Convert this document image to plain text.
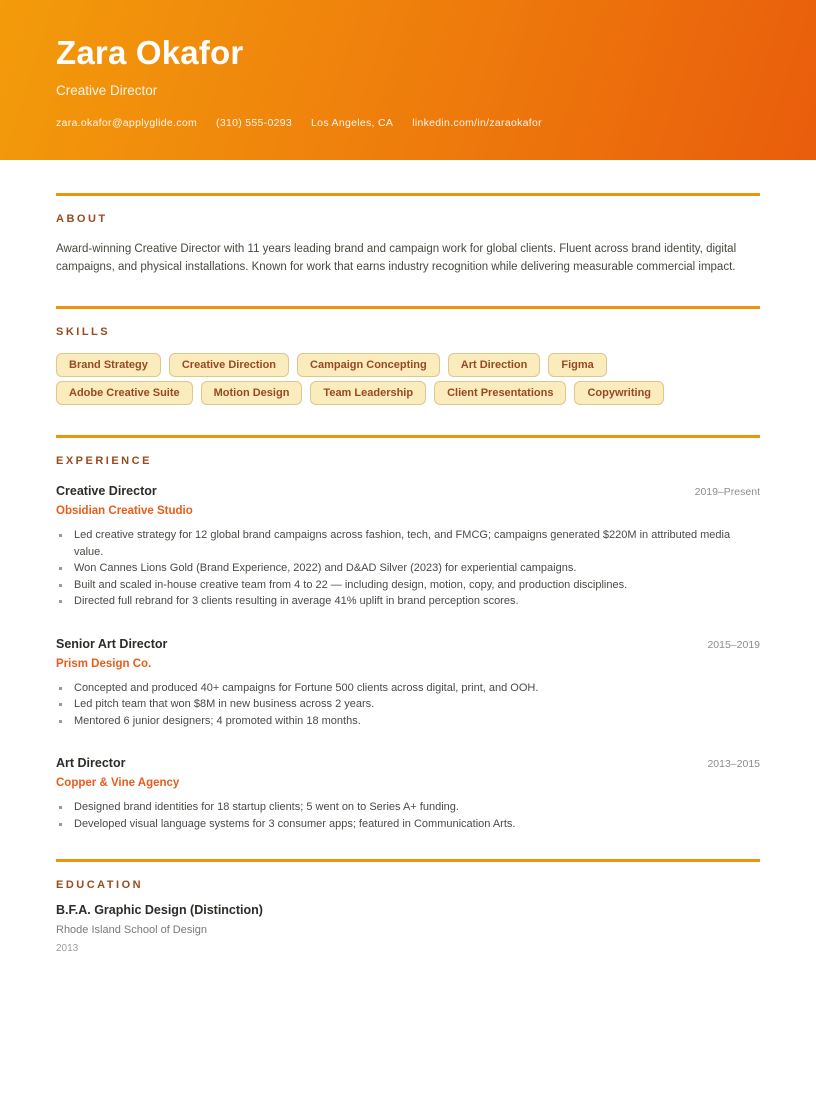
Zara Okafor
Creative Director
zara.okafor@applyglide.com (310) 555-0293 Los Angeles, CA linkedin.com/in/zaraokafor
ABOUT

Award-winning Creative Director with 11 years leading brand and campaign work for global clients. Fluent across brand identity, digital campaigns, and physical installations. Known for work that earns industry recognition while delivering measurable commercial impact.

SKILLS
Brand Strategy	Creative Direction	Campaign Concepting	Art Direction	Figma
Adobe Creative Suite	Motion Design	Team Leadership	Client Presentations	Copywriting
EXPERIENCE
Creative Director	2019–Present
Obsidian Creative Studio
Led creative strategy for 12 global brand campaigns across fashion, tech, and FMCG; campaigns generated $220M in attributed media value.
Won Cannes Lions Gold (Brand Experience, 2022) and D&AD Silver (2023) for experiential campaigns.
Built and scaled in-house creative team from 4 to 22 — including design, motion, copy, and production disciplines.
Directed full rebrand for 3 clients resulting in average 41% uplift in brand perception scores.
Senior Art Director	2015–2019
Prism Design Co.
Concepted and produced 40+ campaigns for Fortune 500 clients across digital, print, and OOH.
Led pitch team that won $8M in new business across 2 years.
Mentored 6 junior designers; 4 promoted within 18 months.
Art Director	2013–2015
Copper & Vine Agency
Designed brand identities for 18 startup clients; 5 went on to Series A+ funding.
Developed visual language systems for 3 consumer apps; featured in Communication Arts.
EDUCATION
B.F.A. Graphic Design (Distinction)
Rhode Island School of Design
2013
